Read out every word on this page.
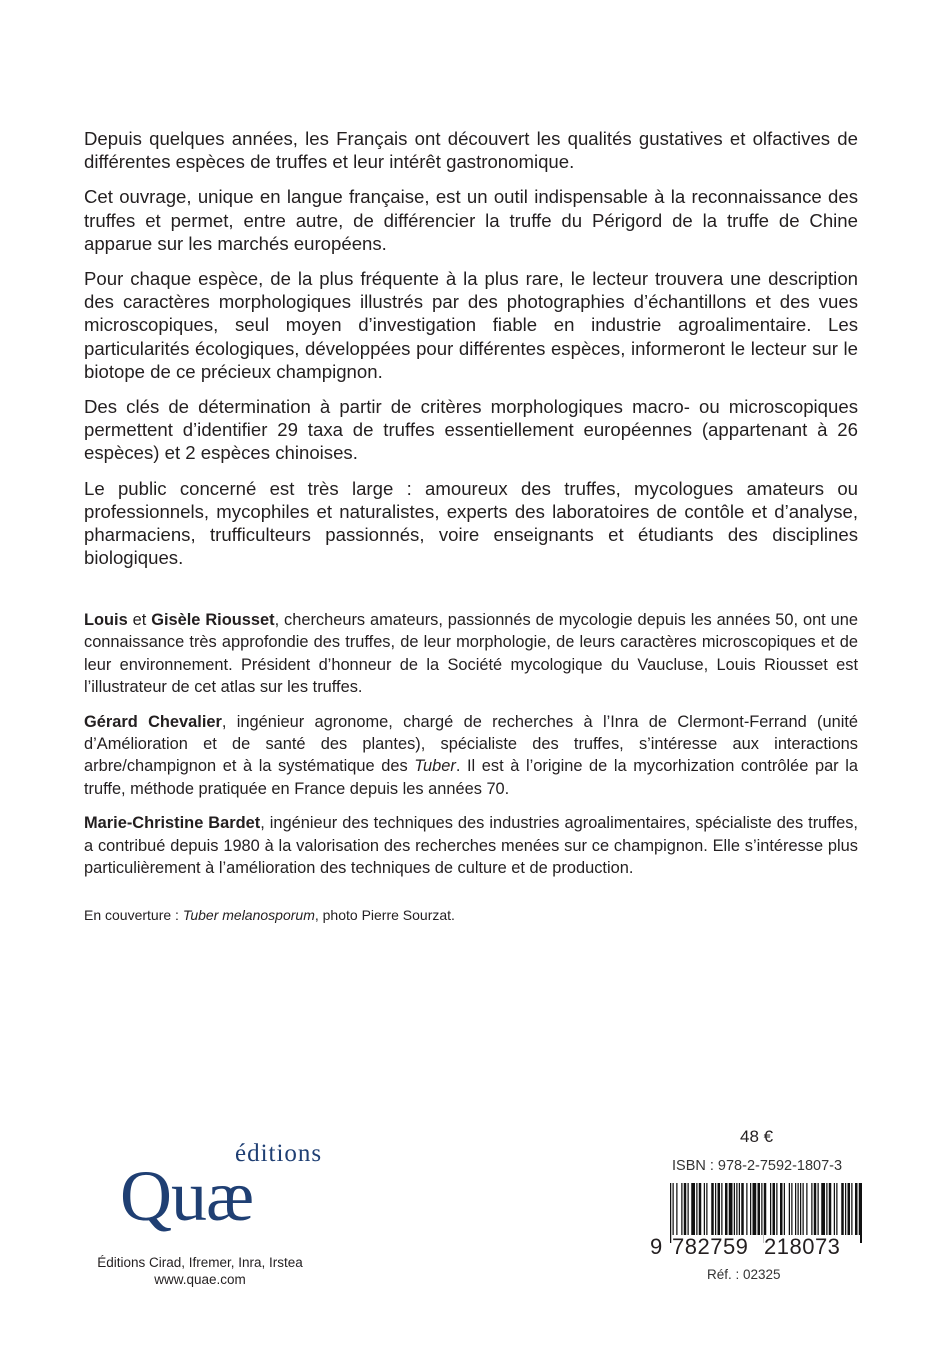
Depuis quelques années, les Français ont découvert les qualités gustatives et olfactives de différentes espèces de truffes et leur intérêt gastronomique.

Cet ouvrage, unique en langue française, est un outil indispensable à la reconnaissance des truffes et permet, entre autre, de différencier la truffe du Périgord de la truffe de Chine apparue sur les marchés européens.

Pour chaque espèce, de la plus fréquente à la plus rare, le lecteur trouvera une description des caractères morphologiques illustrés par des photographies d’échantillons et des vues microscopiques, seul moyen d’investigation fiable en industrie agroalimentaire. Les particularités écologiques, développées pour différentes espèces, informeront le lecteur sur le biotope de ce précieux champignon.

Des clés de détermination à partir de critères morphologiques macro- ou microscopiques permettent d’identifier 29 taxa de truffes essentiellement européennes (appartenant à 26 espèces) et 2 espèces chinoises.

Le public concerné est très large : amoureux des truffes, mycologues amateurs ou professionnels, mycophiles et naturalistes, experts des laboratoires de contôle et d’analyse, pharmaciens, trufficulteurs passionnés, voire enseignants et étudiants des disciplines biologiques.

Louis et Gisèle Riousset, chercheurs amateurs, passionnés de mycologie depuis les années 50, ont une connaissance très approfondie des truffes, de leur morphologie, de leurs caractères microscopiques et de leur environnement. Président d’honneur de la Société mycologique du Vaucluse, Louis Riousset est l’illustrateur de cet atlas sur les truffes.

Gérard Chevalier, ingénieur agronome, chargé de recherches à l’Inra de Clermont-Ferrand (unité d’Amélioration et de santé des plantes), spécialiste des truffes, s’intéresse aux interactions arbre/champignon et à la systématique des Tuber. Il est à l’origine de la mycorhization contrôlée par la truffe, méthode pratiquée en France depuis les années 70.

Marie-Christine Bardet, ingénieur des techniques des industries agroalimentaires, spécialiste des truffes, a contribué depuis 1980 à la valorisation des recherches menées sur ce champignon. Elle s’intéresse plus particulièrement à l’amélioration des techniques de culture et de production.

En couverture : Tuber melanosporum, photo Pierre Sourzat.
éditions
Quæ
Éditions Cirad, Ifremer, Inra, Irstea
www.quae.com
48 €
ISBN : 978-2-7592-1807-3
9 782759 218073
Réf. : 02325
